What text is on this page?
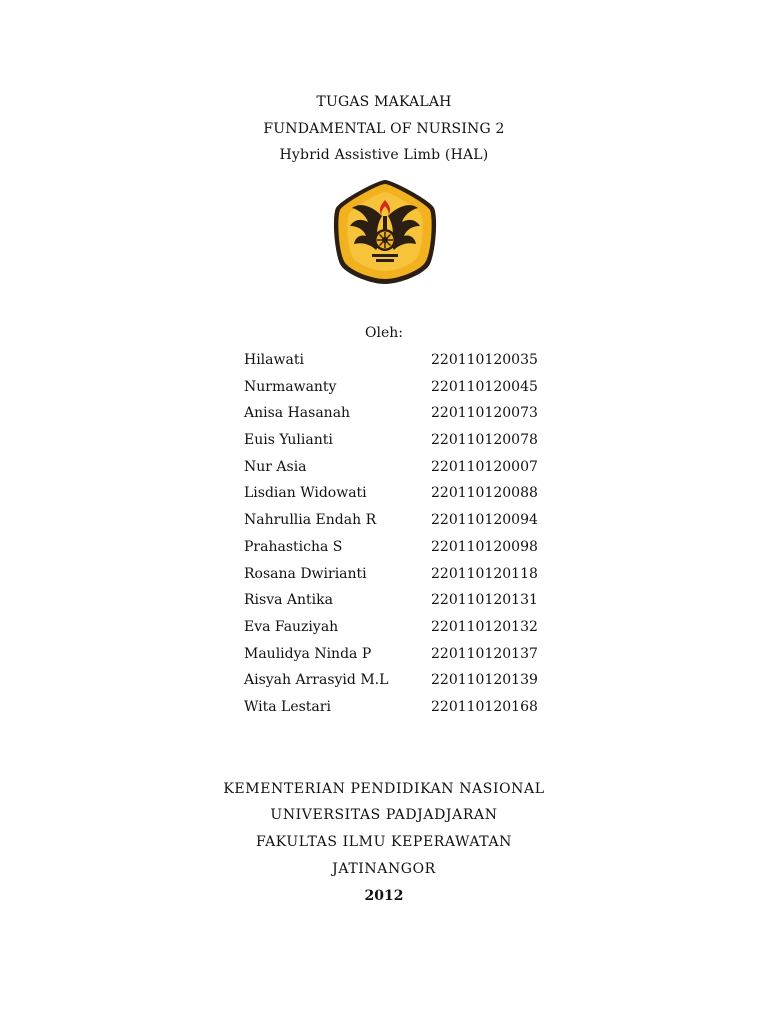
TUGAS MAKALAH
FUNDAMENTAL OF NURSING 2
Hybrid Assistive Limb (HAL)
Oleh:
Hilawati	220110120035
Nurmawanty	220110120045
Anisa Hasanah	220110120073
Euis Yulianti	220110120078
Nur Asia	220110120007
Lisdian Widowati	220110120088
Nahrullia Endah R	220110120094
Prahasticha S	220110120098
Rosana Dwirianti	220110120118
Risva Antika	220110120131
Eva Fauziyah	220110120132
Maulidya Ninda P	220110120137
Aisyah Arrasyid M.L	220110120139
Wita Lestari	220110120168
KEMENTERIAN PENDIDIKAN NASIONAL
UNIVERSITAS PADJADJARAN
FAKULTAS ILMU KEPERAWATAN
JATINANGOR
2012
